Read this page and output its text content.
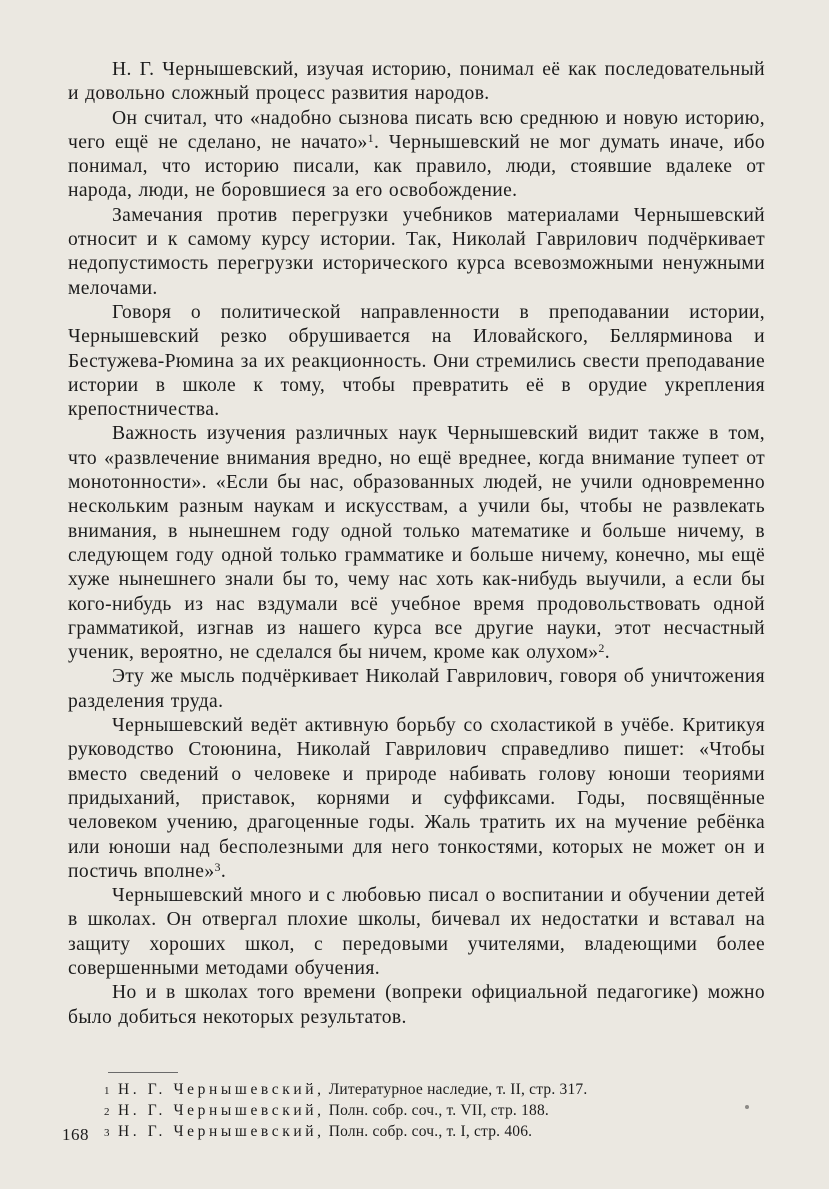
Н. Г. Чернышевский, изучая историю, понимал её как последовательный и довольно сложный процесс развития народов.

Он считал, что «надобно сызнова писать всю среднюю и новую историю, чего ещё не сделано, не начато»$^1$. Чернышевский не мог думать иначе, ибо понимал, что историю писали, как правило, люди, стоявшие вдалеке от народа, люди, не боровшиеся за его освобождение.

Замечания против перегрузки учебников материалами Чернышевский относит и к самому курсу истории. Так, Николай Гаврилович подчёркивает недопустимость перегрузки исторического курса всевозможными ненужными мелочами.

Говоря о политической направленности в преподавании истории, Чернышевский резко обрушивается на Иловайского, Беллярминова и Бестужева-Рюмина за их реакционность. Они стремились свести преподавание истории в школе к тому, чтобы превратить её в орудие укрепления крепостничества.

Важность изучения различных наук Чернышевский видит также в том, что «развлечение внимания вредно, но ещё вреднее, когда внимание тупеет от монотонности». «Если бы нас, образованных людей, не учили одновременно нескольким разным наукам и искусствам, а учили бы, чтобы не развлекать внимания, в нынешнем году одной только математике и больше ничему, в следующем году одной только грамматике и больше ничему, конечно, мы ещё хуже нынешнего знали бы то, чему нас хоть как-нибудь выучили, а если бы кого-нибудь из нас вздумали всё учебное время продовольствовать одной грамматикой, изгнав из нашего курса все другие науки, этот несчастный ученик, вероятно, не сделался бы ничем, кроме как олухом»$^2$.

Эту же мысль подчёркивает Николай Гаврилович, говоря об уничтожения разделения труда.

Чернышевский ведёт активную борьбу со схоластикой в учёбе. Критикуя руководство Стоюнина, Николай Гаврилович справедливо пишет: «Чтобы вместо сведений о человеке и природе набивать голову юноши теориями придыханий, приставок, корнями и суффиксами. Годы, посвящённые человеком учению, драгоценные годы. Жаль тратить их на мучение ребёнка или юноши над бесполезными для него тонкостями, которых не может он и постичь вполне»$^3$.

Чернышевский много и с любовью писал о воспитании и обучении детей в школах. Он отвергал плохие школы, бичевал их недостатки и вставал на защиту хороших школ, с передовыми учителями, владеющими более совершенными методами обучения.

Но и в школах того времени (вопреки официальной педагогике) можно было добиться некоторых результатов.

1 Н. Г. Чернышевский, Литературное наследие, т. II, стр. 317.

2 Н. Г. Чернышевский, Полн. собр. соч., т. VII, стр. 188.

3 Н. Г. Чернышевский, Полн. собр. соч., т. I, стр. 406.

168
